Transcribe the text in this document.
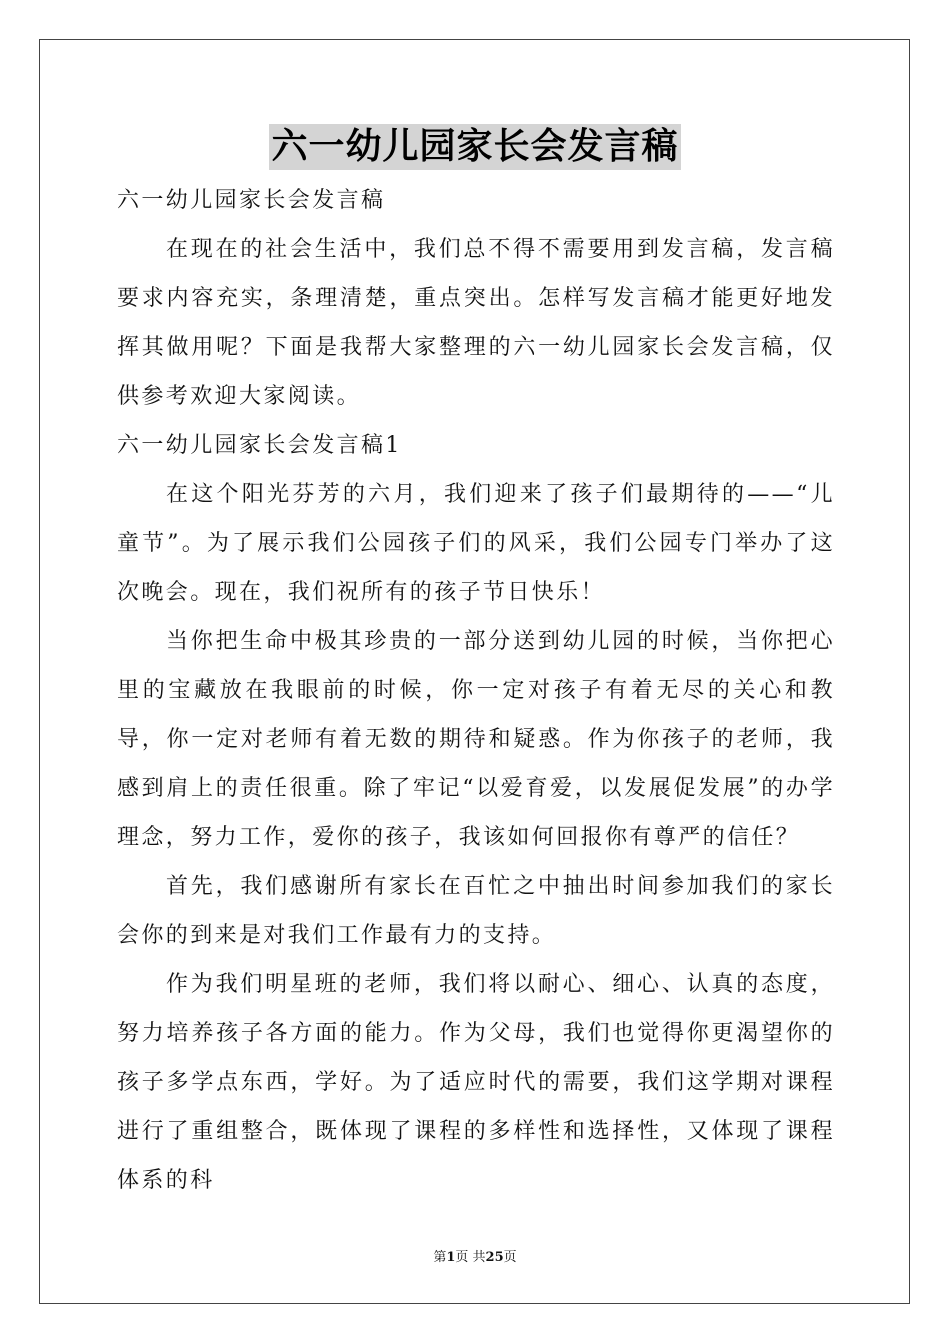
六一幼儿园家长会发言稿

六一幼儿园家长会发言稿

在现在的社会生活中，我们总不得不需要用到发言稿，发言稿要求内容充实，条理清楚，重点突出。怎样写发言稿才能更好地发挥其做用呢？下面是我帮大家整理的六一幼儿园家长会发言稿，仅供参考欢迎大家阅读。

六一幼儿园家长会发言稿1

在这个阳光芬芳的六月，我们迎来了孩子们最期待的——“儿童节”。为了展示我们公园孩子们的风采，我们公园专门举办了这次晚会。现在，我们祝所有的孩子节日快乐！

当你把生命中极其珍贵的一部分送到幼儿园的时候，当你把心里的宝藏放在我眼前的时候，你一定对孩子有着无尽的关心和教导，你一定对老师有着无数的期待和疑惑。作为你孩子的老师，我感到肩上的责任很重。除了牢记“以爱育爱，以发展促发展”的办学理念，努力工作，爱你的孩子，我该如何回报你有尊严的信任？

首先，我们感谢所有家长在百忙之中抽出时间参加我们的家长会你的到来是对我们工作最有力的支持。

作为我们明星班的老师，我们将以耐心、细心、认真的态度，努力培养孩子各方面的能力。作为父母，我们也觉得你更渴望你的孩子多学点东西，学好。为了适应时代的需要，我们这学期对课程进行了重组整合，既体现了课程的多样性和选择性，又体现了课程体系的科

第1页 共25页
